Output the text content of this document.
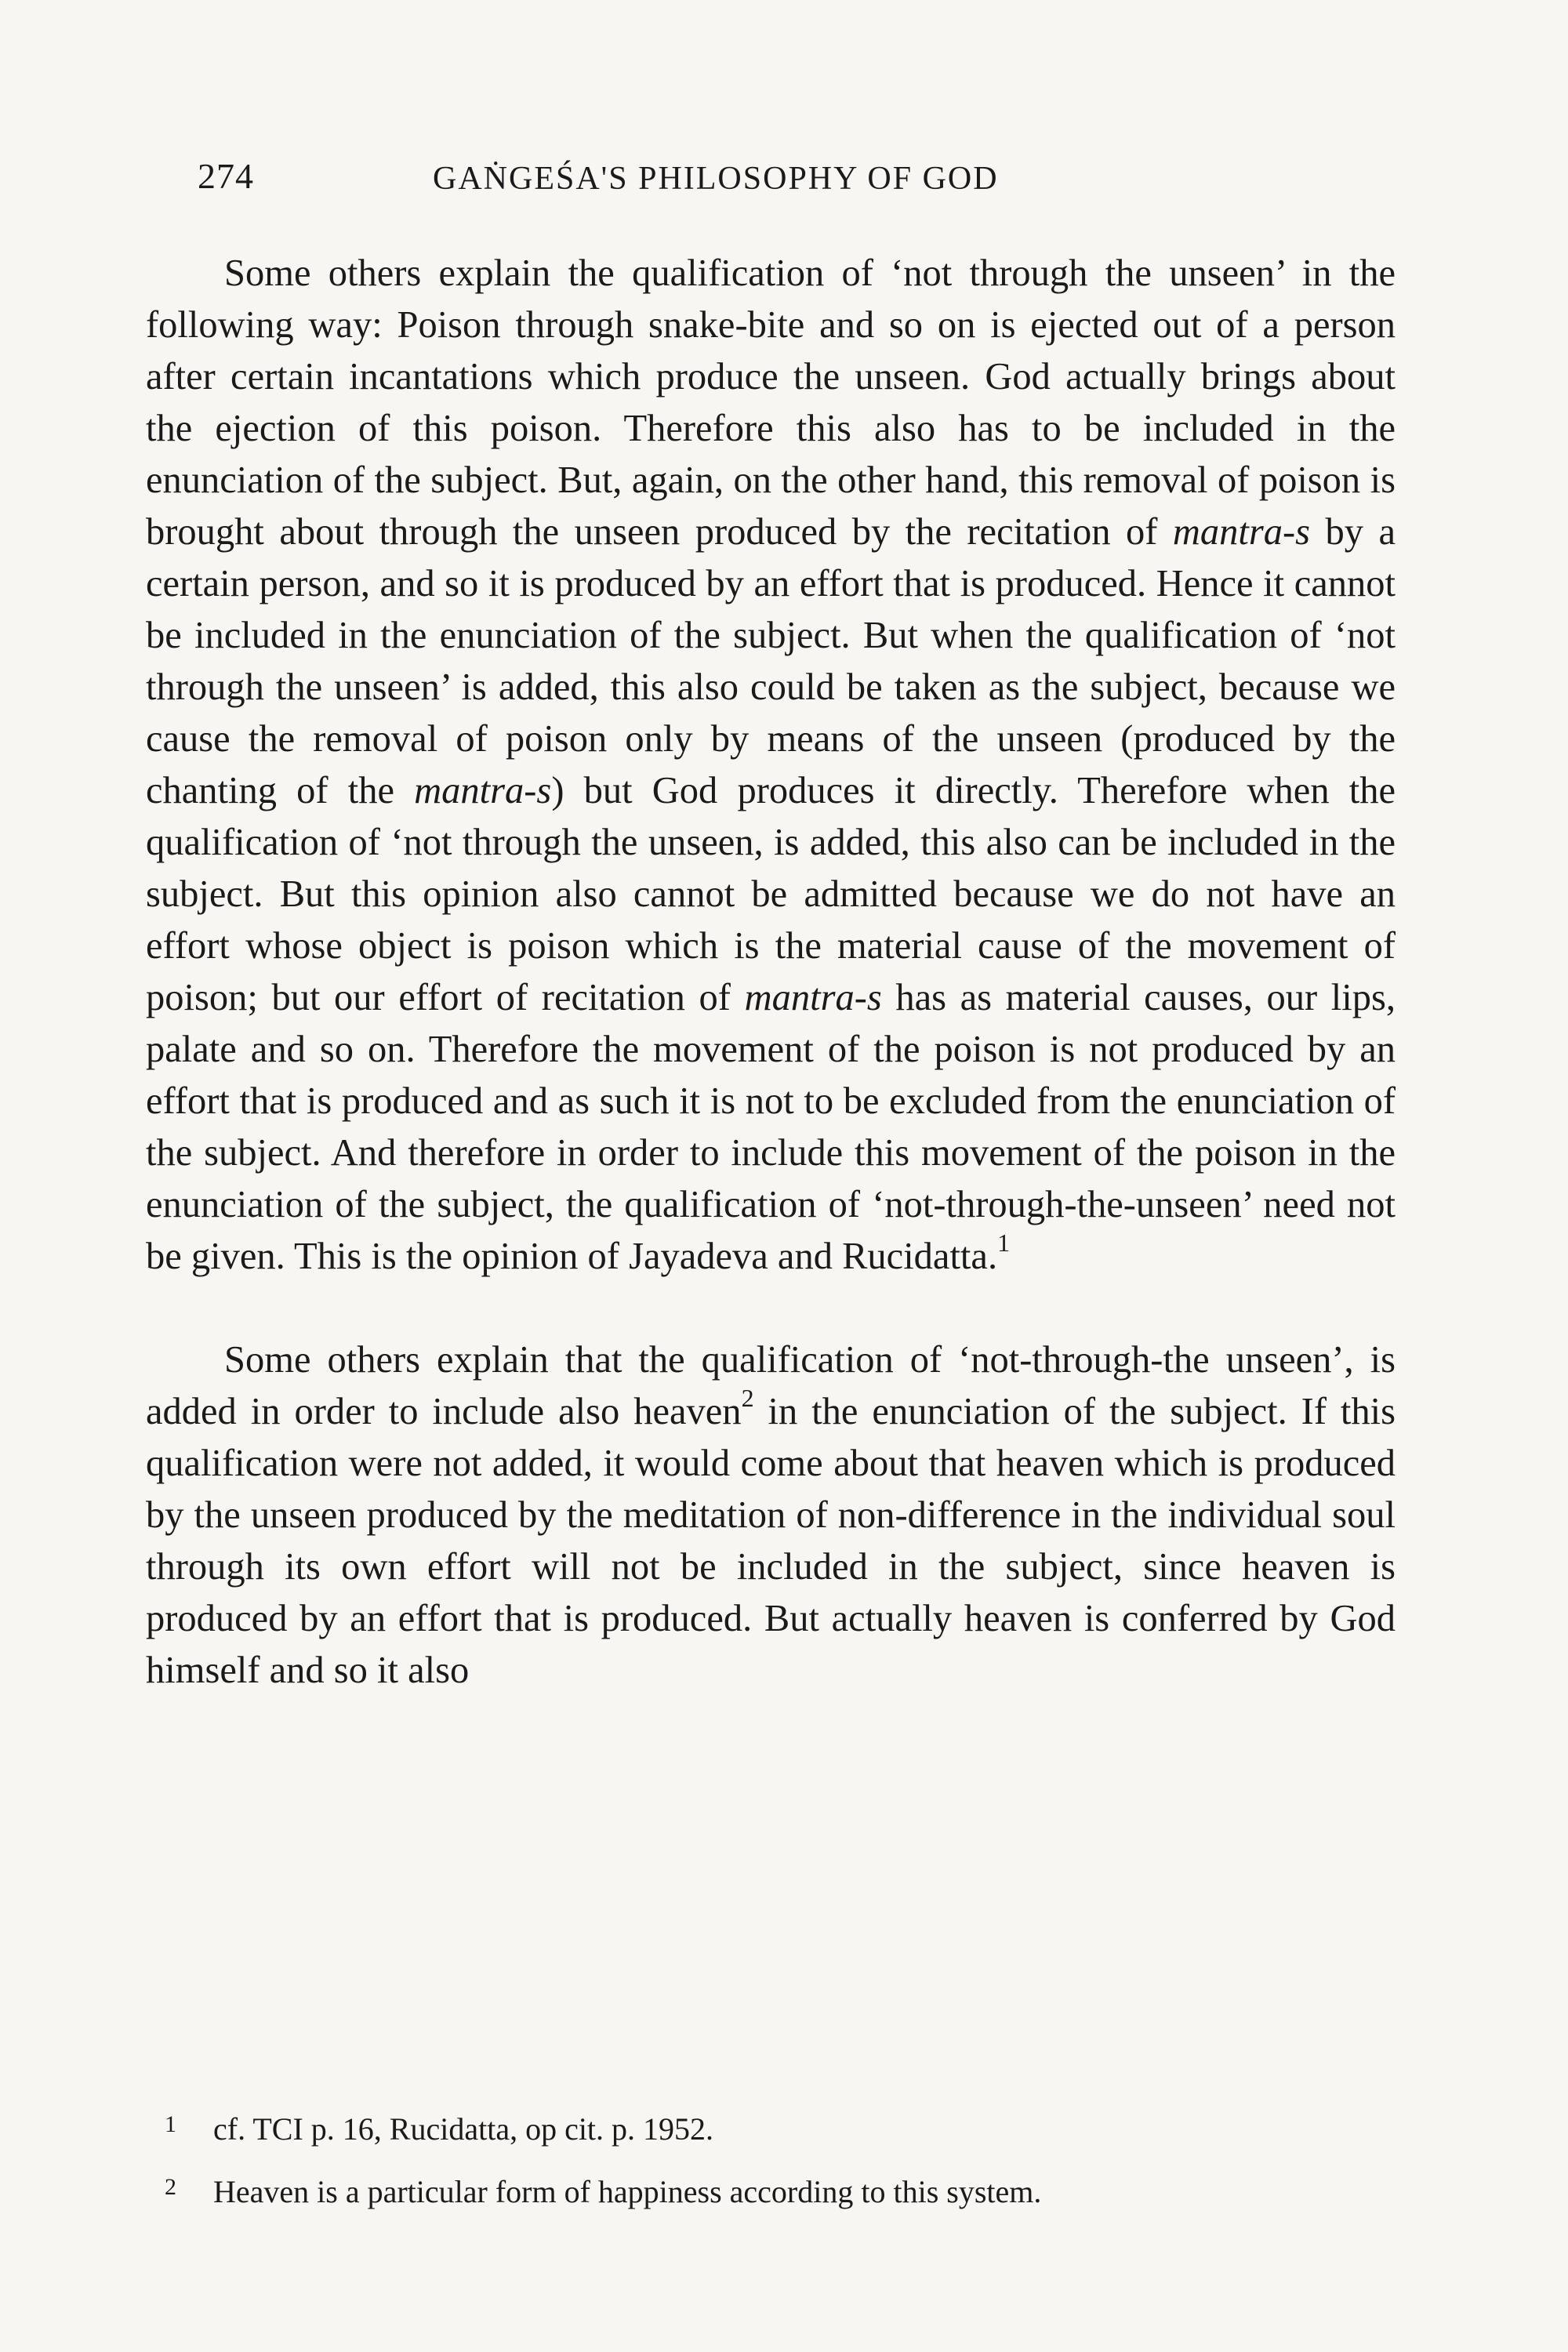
274	GAṄGEŚA'S PHILOSOPHY OF GOD

Some others explain the qualification of ‘not through the unseen’ in the following way: Poison through snake-bite and so on is ejected out of a person after certain incantations which produce the unseen. God actually brings about the ejection of this poison. Therefore this also has to be included in the enunciation of the subject. But, again, on the other hand, this removal of poison is brought about through the unseen produced by the recitation of mantra-s by a certain person, and so it is produced by an effort that is produced. Hence it cannot be included in the enunciation of the subject. But when the qualification of ‘not through the unseen’ is added, this also could be taken as the subject, because we cause the removal of poison only by means of the unseen (produced by the chanting of the mantra-s) but God produces it directly. Therefore when the qualification of ‘not through the unseen, is added, this also can be included in the subject. But this opinion also cannot be admitted because we do not have an effort whose object is poison which is the material cause of the movement of poison; but our effort of recitation of mantra-s has as material causes, our lips, palate and so on. Therefore the movement of the poison is not produced by an effort that is produced and as such it is not to be excluded from the enunciation of the subject. And therefore in order to include this movement of the poison in the enunciation of the subject, the qualification of ‘not-through-the-unseen’ need not be given. This is the opinion of Jayadeva and Rucidatta.$^1$

Some others explain that the qualification of ‘not-through-the unseen’, is added in order to include also heaven$^2$ in the enunciation of the subject. If this qualification were not added, it would come about that heaven which is produced by the unseen produced by the meditation of non-difference in the individual soul through its own effort will not be included in the subject, since heaven is produced by an effort that is produced. But actually heaven is conferred by God himself and so it also

1 cf. TCI p. 16, Rucidatta, op cit. p. 1952.

2 Heaven is a particular form of happiness according to this system.
